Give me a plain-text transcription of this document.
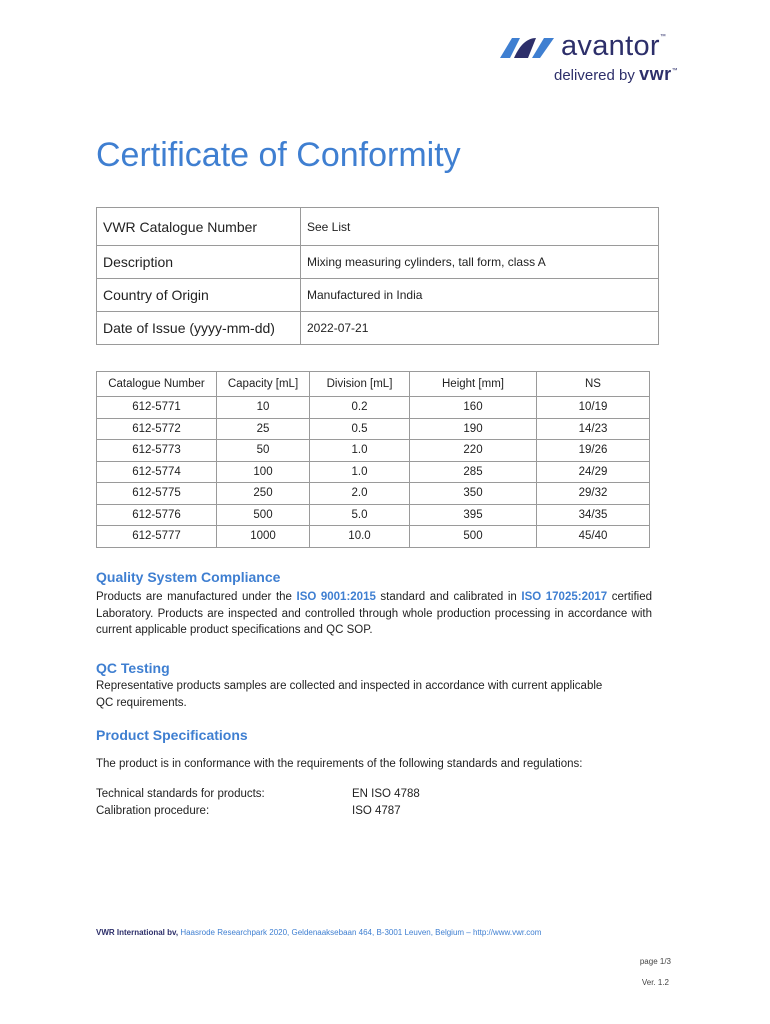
avantor™
delivered by vwr™
Certificate of Conformity
VWR Catalogue Number	See List
Description	Mixing measuring cylinders, tall form, class A
Country of Origin	Manufactured in India
Date of Issue (yyyy-mm-dd)	2022-07-21
Catalogue Number	Capacity [mL]	Division [mL]	Height [mm]	NS
612-5771	10	0.2	160	10/19
612-5772	25	0.5	190	14/23
612-5773	50	1.0	220	19/26
612-5774	100	1.0	285	24/29
612-5775	250	2.0	350	29/32
612-5776	500	5.0	395	34/35
612-5777	1000	10.0	500	45/40
Quality System Compliance
Products are manufactured under the ISO 9001:2015 standard and calibrated in ISO 17025:2017 certified Laboratory. Products are inspected and controlled through whole production processing in accordance with current applicable product specifications and QC SOP.
QC Testing
Representative products samples are collected and inspected in accordance with current applicable QC requirements.
Product Specifications
The product is in conformance with the requirements of the following standards and regulations:
Technical standards for products:	EN ISO 4788
Calibration procedure:	ISO 4787
VWR International bv, Haasrode Researchpark 2020, Geldenaaksebaan 464, B-3001 Leuven, Belgium – http://www.vwr.com
page 1/3
Ver. 1.2
